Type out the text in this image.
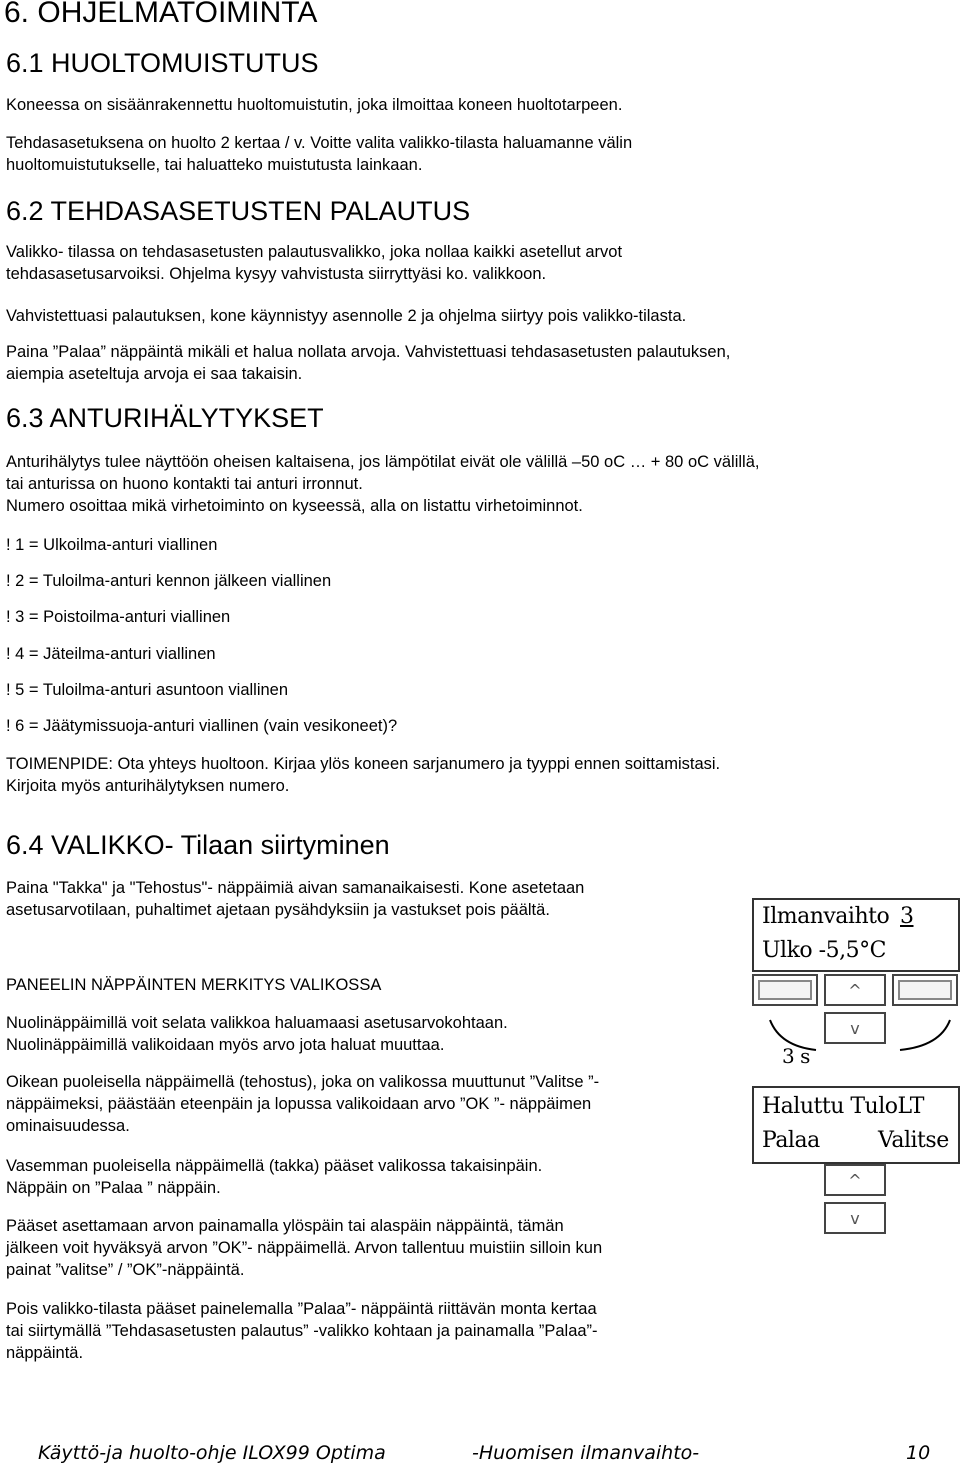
6. OHJELMATOIMINTA
6.1 HUOLTOMUISTUTUS
Koneessa on sisäänrakennettu huoltomuistutin, joka ilmoittaa koneen huoltotarpeen.
Tehdasasetuksena on huolto 2 kertaa / v. Voitte valita valikko-tilasta haluamanne välin
huoltomuistutukselle, tai haluatteko muistutusta lainkaan.
6.2 TEHDASASETUSTEN PALAUTUS
Valikko- tilassa on tehdasasetusten palautusvalikko, joka nollaa kaikki asetellut arvot
tehdasasetusarvoiksi. Ohjelma kysyy vahvistusta siirryttyäsi ko. valikkoon.
Vahvistettuasi palautuksen, kone käynnistyy asennolle 2 ja ohjelma siirtyy pois valikko-tilasta.
Paina ”Palaa” näppäintä mikäli et halua nollata arvoja. Vahvistettuasi tehdasasetusten palautuksen,
aiempia aseteltuja arvoja ei saa takaisin.
6.3 ANTURIHÄLYTYKSET
Anturihälytys tulee näyttöön oheisen kaltaisena, jos lämpötilat eivät ole välillä –50 oC … + 80 oC välillä,
tai anturissa on huono kontakti tai anturi irronnut.
Numero osoittaa mikä virhetoiminto on kyseessä, alla on listattu virhetoiminnot.
! 1 = Ulkoilma-anturi viallinen
! 2 = Tuloilma-anturi kennon jälkeen viallinen
! 3 = Poistoilma-anturi viallinen
! 4 = Jäteilma-anturi viallinen
! 5 = Tuloilma-anturi asuntoon viallinen
! 6 = Jäätymissuoja-anturi viallinen (vain vesikoneet)?
TOIMENPIDE: Ota yhteys huoltoon. Kirjaa ylös koneen sarjanumero ja tyyppi ennen soittamistasi.
Kirjoita myös anturihälytyksen numero.
6.4 VALIKKO- Tilaan siirtyminen
Paina "Takka" ja "Tehostus"- näppäimiä aivan samanaikaisesti. Kone asetetaan
asetusarvotilaan, puhaltimet ajetaan pysähdyksiin ja vastukset pois päältä.
PANEELIN NÄPPÄINTEN MERKITYS VALIKOSSA
Nuolinäppäimillä voit selata valikkoa haluamaasi asetusarvokohtaan.
Nuolinäppäimillä valikoidaan myös arvo jota haluat muuttaa.
Oikean puoleisella näppäimellä (tehostus), joka on valikossa muuttunut ”Valitse ”-
näppäimeksi, päästään eteenpäin ja lopussa valikoidaan arvo ”OK ”- näppäimen
ominaisuudessa.
Vasemman puoleisella näppäimellä (takka) pääset valikossa takaisinpäin.
Näppäin on ”Palaa ” näppäin.
Pääset asettamaan arvon painamalla ylöspäin tai alaspäin näppäintä, tämän
jälkeen voit hyväksyä arvon ”OK”- näppäimellä. Arvon tallentuu muistiin silloin kun
painat ”valitse” / ”OK”-näppäintä.
Pois valikko-tilasta pääset painelemalla ”Palaa”- näppäintä riittävän monta kertaa
tai siirtymällä ”Tehdasasetusten palautus” -valikko kohtaan ja painamalla ”Palaa”-
näppäintä.
Ilmanvaihto 3
Ulko -5,5°C
^
v
3 s
Haluttu TuloLT
Palaa	Valitse
^
v
Käyttö-ja huolto-ohje ILOX99 Optima	-Huomisen ilmanvaihto-	10
